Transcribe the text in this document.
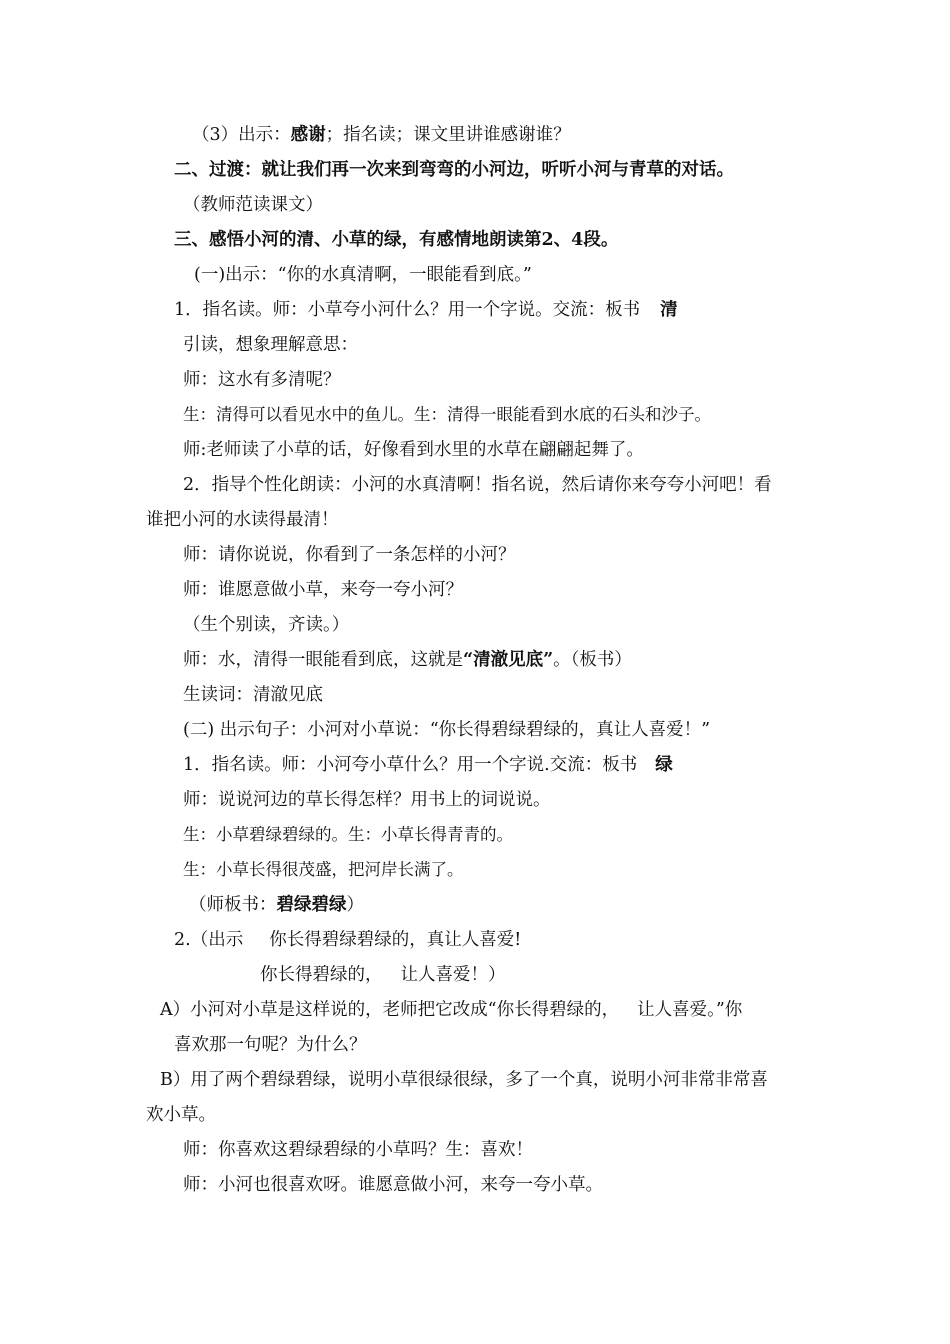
（3）出示：感谢；指名读；课文里讲谁感谢谁？
二、过渡：就让我们再一次来到弯弯的小河边，听听小河与青草的对话。
（教师范读课文）
三、感悟小河的清、小草的绿，有感情地朗读第2、4段。
(一)出示：“你的水真清啊，一眼能看到底。”
1．指名读。师：小草夸小河什么？用一个字说。交流：板书 清
引读，想象理解意思：
师：这水有多清呢？
生：清得可以看见水中的鱼儿。生：清得一眼能看到水底的石头和沙子。
师:老师读了小草的话，好像看到水里的水草在翩翩起舞了。
2．指导个性化朗读：小河的水真清啊！指名说，然后请你来夸夸小河吧！看
谁把小河的水读得最清！
师：请你说说，你看到了一条怎样的小河？
师：谁愿意做小草，来夸一夸小河？
（生个别读，齐读。）
师：水，清得一眼能看到底，这就是“清澈见底”。（板书）
生读词：清澈见底
(二) 出示句子：小河对小草说：“你长得碧绿碧绿的，真让人喜爱！”
1．指名读。师：小河夸小草什么？用一个字说.交流：板书 绿
师：说说河边的草长得怎样？用书上的词说说。
生：小草碧绿碧绿的。生：小草长得青青的。
生：小草长得很茂盛，把河岸长满了。
（师板书：碧绿碧绿）
2.（出示 你长得碧绿碧绿的，真让人喜爱!
你长得碧绿的， 让人喜爱！）
A）小河对小草是这样说的，老师把它改成“你长得碧绿的， 让人喜爱。”你
喜欢那一句呢？为什么？
B）用了两个碧绿碧绿，说明小草很绿很绿，多了一个真，说明小河非常非常喜
欢小草。
师：你喜欢这碧绿碧绿的小草吗？生：喜欢！
师：小河也很喜欢呀。谁愿意做小河，来夸一夸小草。
